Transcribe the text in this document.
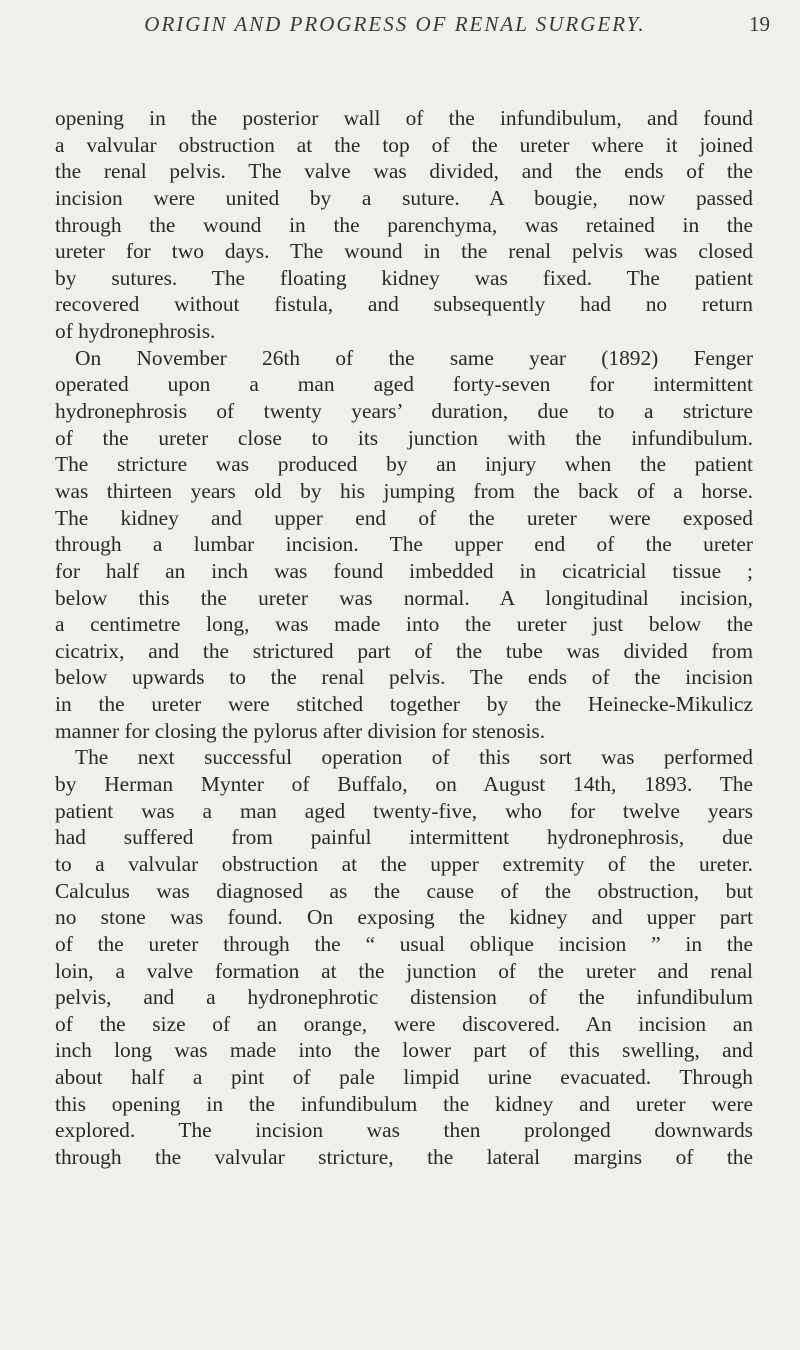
ORIGIN AND PROGRESS OF RENAL SURGERY.	19
opening in the posterior wall of the infundibulum, and found
a valvular obstruction at the top of the ureter where it joined
the renal pelvis. The valve was divided, and the ends of the
incision were united by a suture. A bougie, now passed
through the wound in the parenchyma, was retained in the
ureter for two days. The wound in the renal pelvis was closed
by sutures. The floating kidney was fixed. The patient
recovered without fistula, and subsequently had no return
of hydronephrosis.
On November 26th of the same year (1892) Fenger
operated upon a man aged forty-seven for intermittent
hydronephrosis of twenty years’ duration, due to a stricture
of the ureter close to its junction with the infundibulum.
The stricture was produced by an injury when the patient
was thirteen years old by his jumping from the back of a horse.
The kidney and upper end of the ureter were exposed
through a lumbar incision. The upper end of the ureter
for half an inch was found imbedded in cicatricial tissue ;
below this the ureter was normal. A longitudinal incision,
a centimetre long, was made into the ureter just below the
cicatrix, and the strictured part of the tube was divided from
below upwards to the renal pelvis. The ends of the incision
in the ureter were stitched together by the Heinecke-Mikulicz
manner for closing the pylorus after division for stenosis.
The next successful operation of this sort was performed
by Herman Mynter of Buffalo, on August 14th, 1893. The
patient was a man aged twenty-five, who for twelve years
had suffered from painful intermittent hydronephrosis, due
to a valvular obstruction at the upper extremity of the ureter.
Calculus was diagnosed as the cause of the obstruction, but
no stone was found. On exposing the kidney and upper part
of the ureter through the “ usual oblique incision ” in the
loin, a valve formation at the junction of the ureter and renal
pelvis, and a hydronephrotic distension of the infundibulum
of the size of an orange, were discovered. An incision an
inch long was made into the lower part of this swelling, and
about half a pint of pale limpid urine evacuated. Through
this opening in the infundibulum the kidney and ureter were
explored. The incision was then prolonged downwards
through the valvular stricture, the lateral margins of the
